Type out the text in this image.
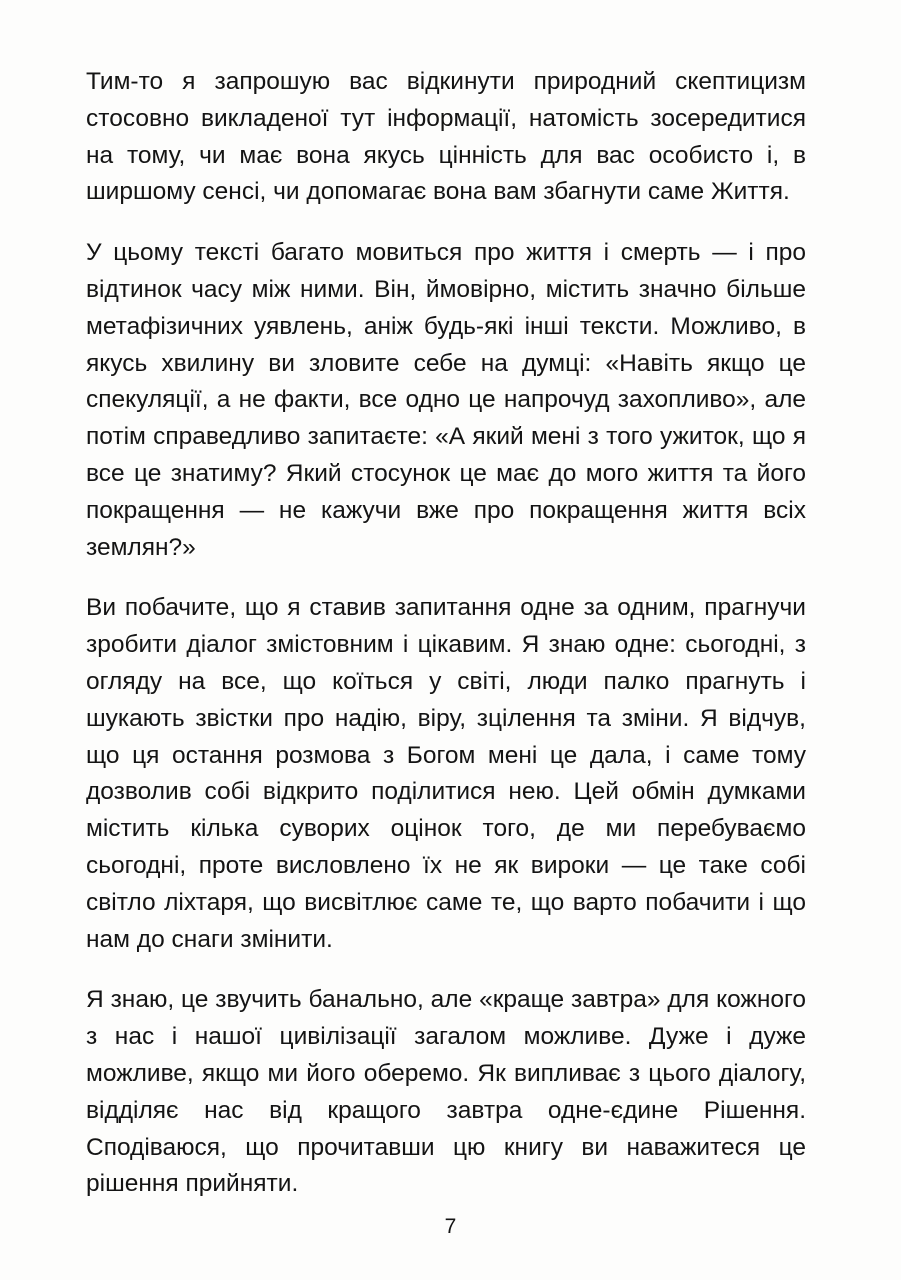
Тим-то я запрошую вас відкинути природний скептицизм стосовно викладеної тут інформації, натомість зосередитися на тому, чи має вона якусь цінність для вас особисто і, в ширшому сенсі, чи допомагає вона вам збагнути саме Життя.

У цьому тексті багато мовиться про життя і смерть — і про відтинок часу між ними. Він, ймовірно, містить значно більше метафізичних уявлень, аніж будь-які інші тексти. Можливо, в якусь хвилину ви зловите себе на думці: «Навіть якщо це спекуляції, а не факти, все одно це напрочуд захопливо», але потім справедливо запитаєте: «А який мені з того ужиток, що я все це знатиму? Який стосунок це має до мого життя та його покращення — не кажучи вже про покращення життя всіх землян?»

Ви побачите, що я ставив запитання одне за одним, прагнучи зробити діалог змістовним і цікавим. Я знаю одне: сьогодні, з огляду на все, що коїться у світі, люди палко прагнуть і шукають звістки про надію, віру, зцілення та зміни. Я відчув, що ця остання розмова з Богом мені це дала, і саме тому дозволив собі відкрито поділитися нею. Цей обмін думками містить кілька суворих оцінок того, де ми перебуваємо сьогодні, проте висловлено їх не як вироки — це таке собі світло ліхтаря, що висвітлює саме те, що варто побачити і що нам до снаги змінити.

Я знаю, це звучить банально, але «краще завтра» для кожного з нас і нашої цивілізації загалом можливе. Дуже і дуже можливе, якщо ми його оберемо. Як випливає з цього діалогу, відділяє нас від кращого завтра одне-єдине Рішення. Сподіваюся, що прочитавши цю книгу ви наважитеся це рішення прийняти.

7
